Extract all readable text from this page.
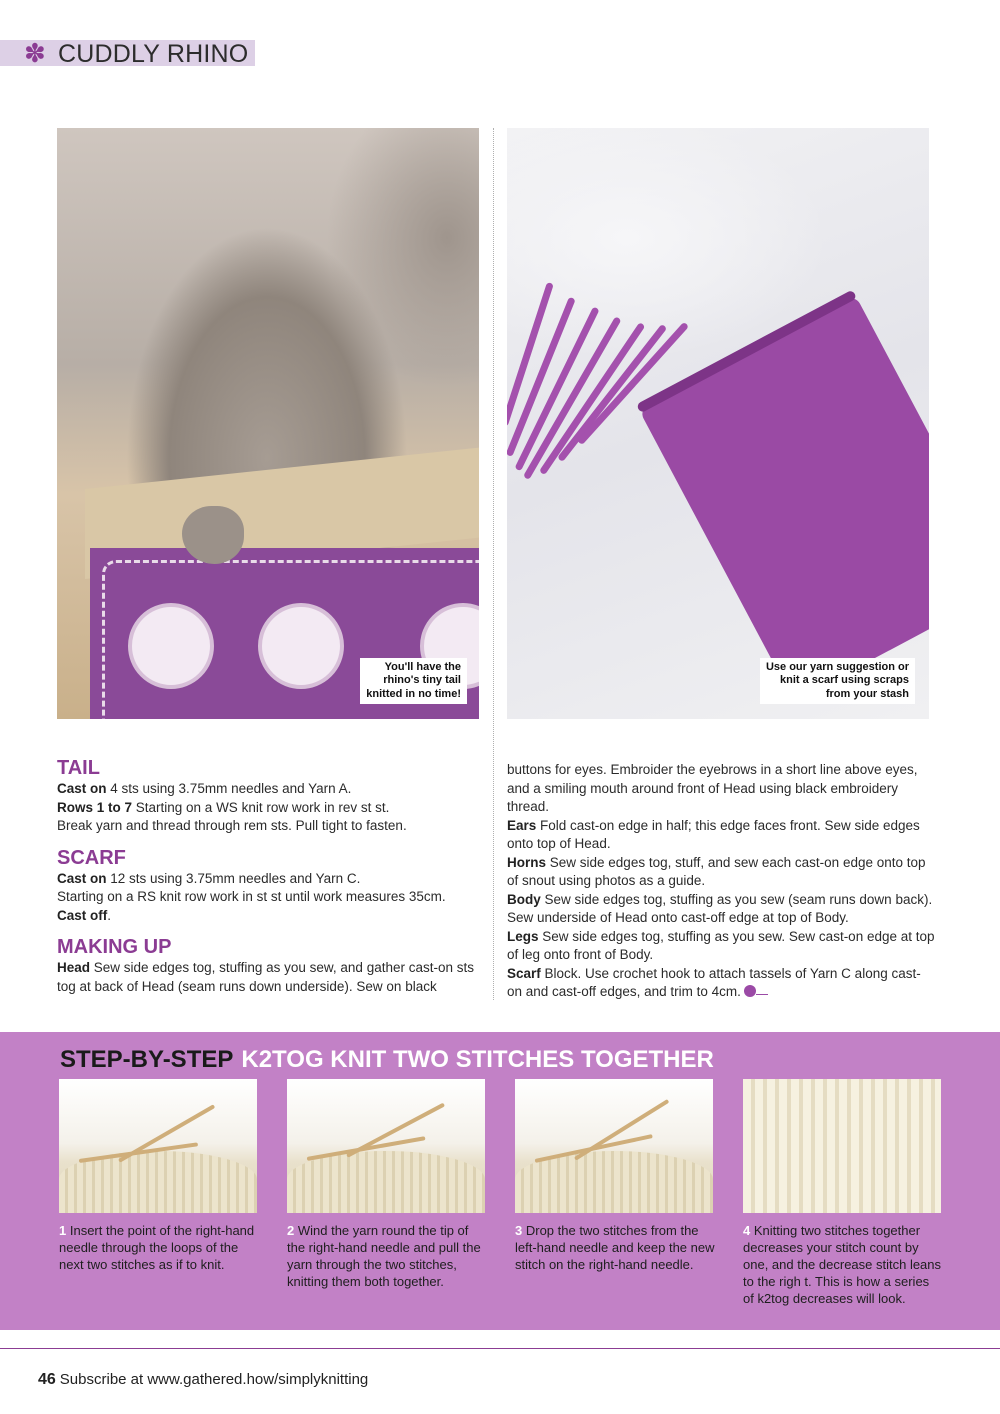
✽ CUDDLY RHINO
You'll have the
rhino's tiny tail
knitted in no time!
Use our yarn suggestion or
knit a scarf using scraps
from your stash
TAIL

Cast on 4 sts using 3.75mm needles and Yarn A.

Rows 1 to 7 Starting on a WS knit row work in rev st st.

Break yarn and thread through rem sts. Pull tight to fasten.

SCARF

Cast on 12 sts using 3.75mm needles and Yarn C.

Starting on a RS knit row work in st st until work measures 35cm.

Cast off.

MAKING UP

Head Sew side edges tog, stuffing as you sew, and gather cast-on sts tog at back of Head (seam runs down underside). Sew on black

buttons for eyes. Embroider the eyebrows in a short line above eyes, and a smiling mouth around front of Head using black embroidery thread.

Ears Fold cast-on edge in half; this edge faces front. Sew side edges onto top of Head.

Horns Sew side edges tog, stuff, and sew each cast-on edge onto top of snout using photos as a guide.

Body Sew side edges tog, stuffing as you sew (seam runs down back). Sew underside of Head onto cast-off edge at top of Body.

Legs Sew side edges tog, stuffing as you sew. Sew cast-on edge at top of leg onto front of Body.

Scarf Block. Use crochet hook to attach tassels of Yarn C along cast-on and cast-off edges, and trim to 4cm.

STEP-BY-STEP K2TOG KNIT TWO STITCHES TOGETHER
1 Insert the point of the right-hand needle through the loops of the next two stitches as if to knit.
2 Wind the yarn round the tip of the right-hand needle and pull the yarn through the two stitches, knitting them both together.
3 Drop the two stitches from the left-hand needle and keep the new stitch on the right-hand needle.
4 Knitting two stitches together decreases your stitch count by one, and the decrease stitch leans to the righ t. This is how a series of k2tog decreases will look.
46 Subscribe at www.gathered.how/simplyknitting
